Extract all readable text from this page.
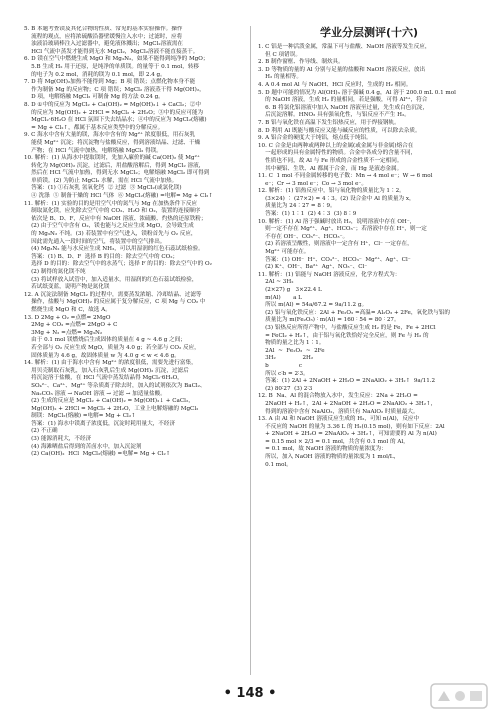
5. B 本题考查镁及其化合物的性质、常见的基本实验操作。操作
流程的观点，应将浓硫酸沿器壁缓慢注入水中；过滤时，应将
浊液沿玻璃棒注入过滤器中，避免液体溅出；MgCl₂溶液需在
HCl 气流中蒸发才能得到无水 MgCl₂，MgCl₂溶液不能直接蒸干。
6. D 镁在空气中燃烧生成 MgO 和 Mg₃N₂，如果不能得到纯净的 MgO；
5.B 生成 H₂ 用于还原，是纯净的单质镁。的量等于 0.1 mol，转移
的电子为 0.2 mol，消耗的镁为 0.1 mol，即 2.4 g。
7. D 将 Mg(OH)₂加热不能得到 Mg；B 项 错误；点燃化物本身不能
作为制备 Mg 的反应物；C 项 错误；MgCl₂ 溶液蒸干得 Mg(OH)₂，
D 项，电解熔融 MgCl₂ 可制备 Mg 的方法 0.24 g。
8. D ①中的反应为 MgCl₂ + Ca(OH)₂ = Mg(OH)₂↓ + CaCl₂；②中
的反应为 Mg(OH)₂ + 2HCl = MgCl₂ + 2H₂O；③中的反应可能为
MgCl₂·6H₂O 在 HCl 氛围下失去结晶水；④中的反应为 MgCl₂(熔融)
= Mg + Cl₂↑，都属于基本反应类型中的分解反应。
9. C 海水中含有大量的镁，海水中含有的 Mg²⁺ 浓度很低，用石灰乳
能使 Mg²⁺ 沉淀；将沉淀物与盐酸反应，得到溶液结晶、过滤、干燥
产物；在 HCl 气流中加热，电解熔融 MgCl₂ 得镁。
10. 解析：(1) 从海水中提取镁时，先加入廉价的碱 Ca(OH)₂ 使 Mg²⁺
转化为 Mg(OH)₂ 沉淀，过滤后，用盐酸溶解后，得到 MgCl₂ 溶液，
然后在 HCl 气流中加热，得到无水 MgCl₂；电解熔融 MgCl₂ 即可得到
单质镁。(2) 为防止 MgCl₂ 水解，需在 HCl 气流中加热。
答案：(1) ①石灰乳 氢氧化钙  ② 过滤  ③ MgCl₂(或氯化镁)
④ 洗涤  ⑤ 制备干燥的 HCl 气体  ⑥ MgCl₂(熔融) =电解= Mg + Cl₂↑
11. 解析：(1) 实验的目的是用空气中的氮气与 Mg 在加热条件下反应
制取氮化镁，应先除去空气中的 CO₂、H₂O 和 O₂，装置的连接顺序
依次是 B、D、F，反应中有 NaOH 溶液、浓硫酸、灼热的还原铁粉；
(2) 由于空气中含有 O₂，镁也能与之反应生成 MgO，会导致生成
的 Mg₃N₂ 不纯。(3) 若装置中有空气进入，镁粉首先与 O₂ 反应，
因此需先通入一段时间的空气，将装置中的空气排出。
(4) Mg₃N₂ 能与水反应生成 NH₃，可以用湿润的红色石蕊试纸检验。
答案：(1) B、D、F  选择 B 的目的：除去空气中的 CO₂；
选择 D 的目的：除去空气中的水蒸气；选择 F 的目的：除去空气中的 O₂
(2) 制得的氮化镁不纯
(3) 将试样放入试管中，加入适量水，用湿润的红色石蕊试纸检验，
若试纸变蓝，说明产物是氮化镁
12. A 沉淀法制备 MgCl₂ 的过程中，需要蒸发浓缩、冷却结晶、过滤等
操作，盐酸与 Mg(OH)₂ 的反应属于复分解反应，C 项 Mg 与 CO₂ 中
燃烧生成 MgO 和 C，故选 A。
13. D 2Mg + O₂ =点燃= 2MgO
2Mg + CO₂ =点燃= 2MgO + C
3Mg + N₂ =点燃= Mg₃N₂
由于 0.1 mol 镁燃烧后生成固体的质量在 4 g ~ 4.6 g 之间；
若全部与 O₂ 反应生成 MgO，质量为 4.0 g；若全部与 CO₂ 反应，
固体质量为 4.6 g，故固体质量 w 为 4.0 g < w < 4.6 g。
14. 解析：(1) 由于海水中含有 Mg²⁺ 的浓度很低，需要先进行富集，
用贝壳制取石灰乳，加入石灰乳后生成 Mg(OH)₂ 沉淀，过滤后
将沉淀溶于盐酸，在 HCl 气流中蒸发结晶得 MgCl₂·6H₂O，
SO₄²⁻、Ca²⁺、Mg²⁺ 等杂质离子除去时，加入的试剂依次为 BaCl₂、
Na₂CO₃ 溶液 → NaOH 溶液 → 过滤 → 加适量盐酸。
(2) 生成的反应是 MgCl₂ + Ca(OH)₂ = Mg(OH)₂↓ + CaCl₂，
Mg(OH)₂ + 2HCl = MgCl₂ + 2H₂O，工业上电解熔融的 MgCl₂
制镁：MgCl₂(熔融) =电解= Mg + Cl₂↑
答案：(1) 海水中镁离子浓度低，沉淀时耗用量大，不经济
(2) 不正确
(3) 能源消耗大，不经济
(4) 海滩晒盐后得到的苦卤水中，加入沉淀剂
(2) Ca(OH)₂  HCl  MgCl₂(熔融) =电解= Mg + Cl₂↑
学业分层测评(十六)
1. C 铝是一种活泼金属，常温下可与盐酸、NaOH 溶液等发生反应，
但 C 项错误。
2. B 制作窗框、作导线、制炊具。
3. D 等物质的量的 Al 分别与足量的盐酸和 NaOH 溶液反应，放出
H₂ 的量相等。
4. A 0.4 mol Al 与 NaOH、HCl 反应时，生成的 H₂ 相同。
5. D 题中可能的情况为 Al(OH)₃ 溶于强碱 0.4 g，Al 溶于 200.0 mL 0.1 mol
的 NaOH 溶液，生成 H₂ 的量相同，若是强酸，可得 Al³⁺，符合
6. B 将氯化铝溶液中加入 NaOH 溶液至过量，先生成白色沉淀，
后沉淀溶解。HNO₃ 具有强氧化性，与铝反应不产生 H₂。
7. B 铝与氧化铁在高温下发生铝热反应，用于焊接钢轨。
8. D 利用 Al 既能与酸反应又能与碱反应的性质，可以除去杂质。
9. A 铝合金的硬度大于纯铝，熔点低于纯铝。
10. C 合金是由两种或两种以上的金属(或金属与非金属)熔合在
一起形成的具有金属特性的物质。合金中各成分的含量不同，
性质也不同，故 Al 与 Fe 形成的合金性质不一定相同。
其中硬铝、生铁、Al 都属于合金，而 Hg 是液态金属。
11. C  1 mol 不同金属转移的电子数：Mn → 4 mol e⁻；W → 6 mol
e⁻；Cr → 3 mol e⁻；Co → 3 mol e⁻。
12. 解析：(1) 铝热反应中，铝与氧化物的质量比为 1∶2。
(3×24) ∶ (27×2) = 4∶3。(2) 设合金中 Al 的质量为 x，
质量比为 24∶27 = 8∶9。
答案：(1) 1∶1  (2) 4∶3  (3) 8∶9
10. 解析：(1) Al 溶于强碱时放出 H₂，说明溶液中存在 OH⁻，
则一定不存在 Mg²⁺、Ag⁺、HCO₃⁻；若溶液中存在 H⁺，则一定
不存在 OH⁻、CO₃²⁻、HCO₃⁻。
(2) 若溶液呈酸性，则溶液中一定含有 H⁺，Cl⁻ 一定存在，
Mg²⁺ 可能存在。
答案：(1) OH⁻  H⁺、CO₃²⁻、HCO₃⁻  Mg²⁺、Ag⁺、Cl⁻
(2) K⁺、OH⁻、Ba²⁺  Ag⁺、NO₃⁻、Cl⁻
11. 解析：(1) 铝能与 NaOH 溶液反应，化学方程式为：
2Al ~ 3H₂
(2×27) g   3×22.4 L
m(Al)       a L
所以 m(Al) = 54a/67.2 = 9a/11.2 g。
(2) 铝与氧化铁反应：2Al + Fe₂O₃ =高温= Al₂O₃ + 2Fe，氧化铁与铝的
质量比为 m(Fe₂O₃) ∶ m(Al) = 160 ∶ 54 = 80 ∶ 27。
(3) 铝热反应所得产物中，与盐酸反应生成 H₂ 的是 Fe，Fe + 2HCl
= FeCl₂ + H₂↑，由于铝与氧化铁恰好完全反应，则 Fe 与 H₂ 的
物质的量之比为 1∶1。
2Al  ~  Fe₂O₃  ~  2Fe
3H₂               2H₂
b                 c
所以 c∶b = 2∶3。
答案：(1) 2Al + 2NaOH + 2H₂O = 2NaAlO₂ + 3H₂↑  9a/11.2
(2) 80∶27  (3) 2∶3
12. B  Na、Al 的混合物放入水中，发生反应：2Na + 2H₂O =
2NaOH + H₂↑，2Al + 2NaOH + 2H₂O = 2NaAlO₂ + 3H₂↑，
得到的溶液中含有 NaAlO₂，溶质只有 NaAlO₂ 时质量最大。
13. A 由 Al 和 NaOH 溶液反应生成的 H₂，可知 n(Al)，反应中
不反应的 NaOH 的量为 3.36 L 的 H₂(0.15 mol)，则有如下反应：2Al
+ 2NaOH + 2H₂O = 2NaAlO₂ + 3H₂↑，可知需要的 Al 为 n(Al)
= 0.15 mol × 2/3 = 0.1 mol，共含有 0.1 mol 的 Al，
= 0.1 mol，故 NaOH 溶液的物质的量浓度为：
所以，加入 NaOH 溶液的物质的量浓度为 1 mol/L，
0.1 mol。
• 148 •
